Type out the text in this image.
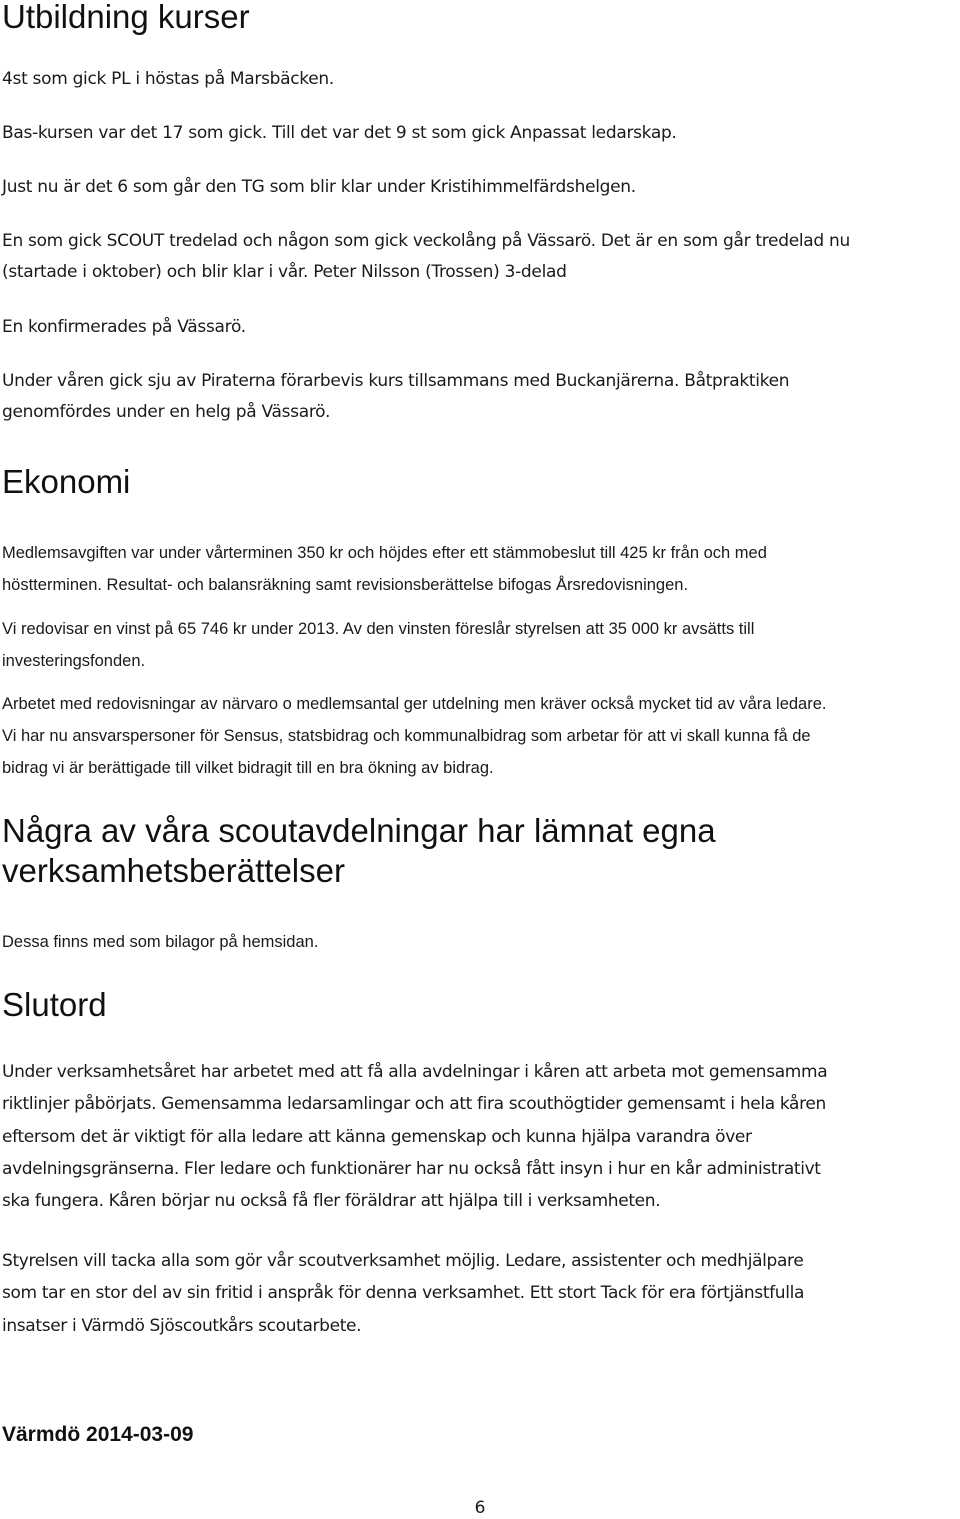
Utbildning kurser

4st som gick PL i höstas på Marsbäcken.

Bas-kursen var det 17 som gick. Till det var det 9 st som gick Anpassat ledarskap.

Just nu är det 6 som går den TG som blir klar under Kristihimmelfärdshelgen.

En som gick SCOUT tredelad och någon som gick veckolång på Vässarö. Det är en som går tredelad nu
(startade i oktober) och blir klar i vår. Peter Nilsson (Trossen) 3-delad

En konfirmerades på Vässarö.

Under våren gick sju av Piraterna förarbevis kurs tillsammans med Buckanjärerna. Båtpraktiken
genomfördes under en helg på Vässarö.

Ekonomi

Medlemsavgiften var under vårterminen 350 kr och höjdes efter ett stämmobeslut till 425 kr från och med
höstterminen. Resultat- och balansräkning samt revisionsberättelse bifogas Årsredovisningen.

Vi redovisar en vinst på 65 746 kr under 2013. Av den vinsten föreslår styrelsen att 35 000 kr avsätts till
investeringsfonden.

Arbetet med redovisningar av närvaro o medlemsantal ger utdelning men kräver också mycket tid av våra ledare.

Vi har nu ansvarspersoner för Sensus, statsbidrag och kommunalbidrag som arbetar för att vi skall kunna få de
bidrag vi är berättigade till vilket bidragit till en bra ökning av bidrag.

Några av våra scoutavdelningar har lämnat egna
verksamhetsberättelser

Dessa finns med som bilagor på hemsidan.

Slutord

Under verksamhetsåret har arbetet med att få alla avdelningar i kåren att arbeta mot gemensamma
riktlinjer påbörjats. Gemensamma ledarsamlingar och att fira scouthögtider gemensamt i hela kåren
eftersom det är viktigt för alla ledare att känna gemenskap och kunna hjälpa varandra över
avdelningsgränserna. Fler ledare och funktionärer har nu också fått insyn i hur en kår administrativt
ska fungera. Kåren börjar nu också få fler föräldrar att hjälpa till i verksamheten.

Styrelsen vill tacka alla som gör vår scoutverksamhet möjlig. Ledare, assistenter och medhjälpare
som tar en stor del av sin fritid i anspråk för denna verksamhet. Ett stort Tack för era förtjänstfulla
insatser i Värmdö Sjöscoutkårs scoutarbete.

Värmdö 2014-03-09

6
